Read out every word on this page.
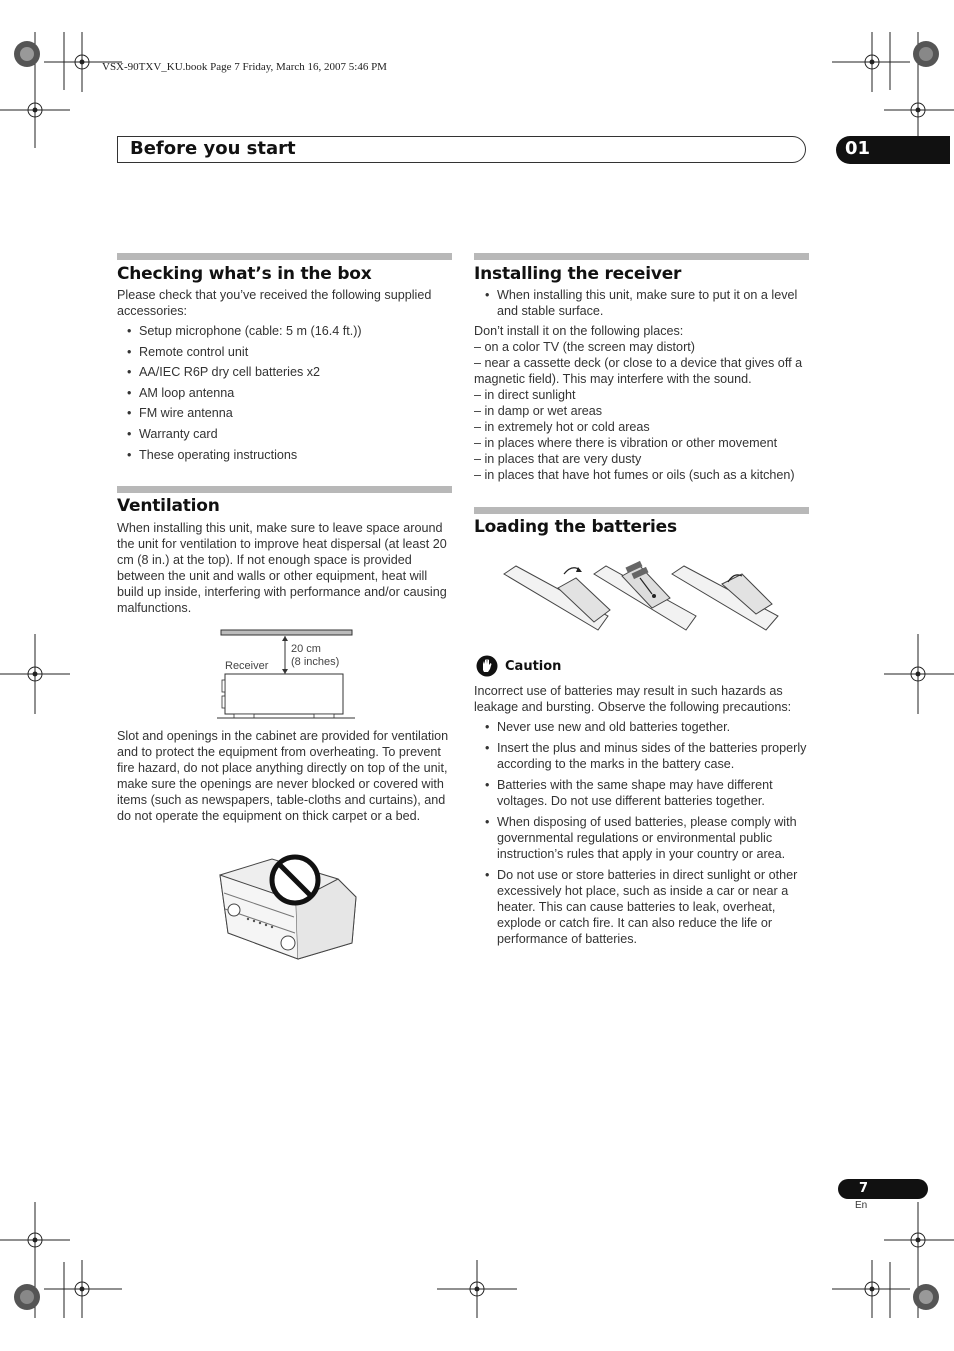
VSX-90TXV_KU.book Page 7 Friday, March 16, 2007 5:46 PM
Before you start	01
Checking what’s in the box
Please check that you’ve received the following supplied accessories:
• Setup microphone (cable: 5 m (16.4 ft.))
• Remote control unit
• AA/IEC R6P dry cell batteries x2
• AM loop antenna
• FM wire antenna
• Warranty card
• These operating instructions
Ventilation
When installing this unit, make sure to leave space around the unit for ventilation to improve heat dispersal (at least 20 cm (8 in.) at the top). If not enough space is provided between the unit and walls or other equipment, heat will build up inside, interfering with performance and/or causing malfunctions.
Receiver
20 cm
(8 inches)
Slot and openings in the cabinet are provided for ventilation and to protect the equipment from overheating. To prevent fire hazard, do not place anything directly on top of the unit, make sure the openings are never blocked or covered with items (such as newspapers, table-cloths and curtains), and do not operate the equipment on thick carpet or a bed.
Installing the receiver
• When installing this unit, make sure to put it on a level and stable surface.
Don’t install it on the following places:
– on a color TV (the screen may distort)
– near a cassette deck (or close to a device that gives off a magnetic field). This may interfere with the sound.
– in direct sunlight
– in damp or wet areas
– in extremely hot or cold areas
– in places where there is vibration or other movement
– in places that are very dusty
– in places that have hot fumes or oils (such as a kitchen)
Loading the batteries
Caution
Incorrect use of batteries may result in such hazards as leakage and bursting. Observe the following precautions:
• Never use new and old batteries together.
• Insert the plus and minus sides of the batteries properly according to the marks in the battery case.
• Batteries with the same shape may have different voltages. Do not use different batteries together.
• When disposing of used batteries, please comply with governmental regulations or environmental public instruction’s rules that apply in your country or area.
• Do not use or store batteries in direct sunlight or other excessively hot place, such as inside a car or near a heater. This can cause batteries to leak, overheat, explode or catch fire. It can also reduce the life or performance of batteries.
7
En
